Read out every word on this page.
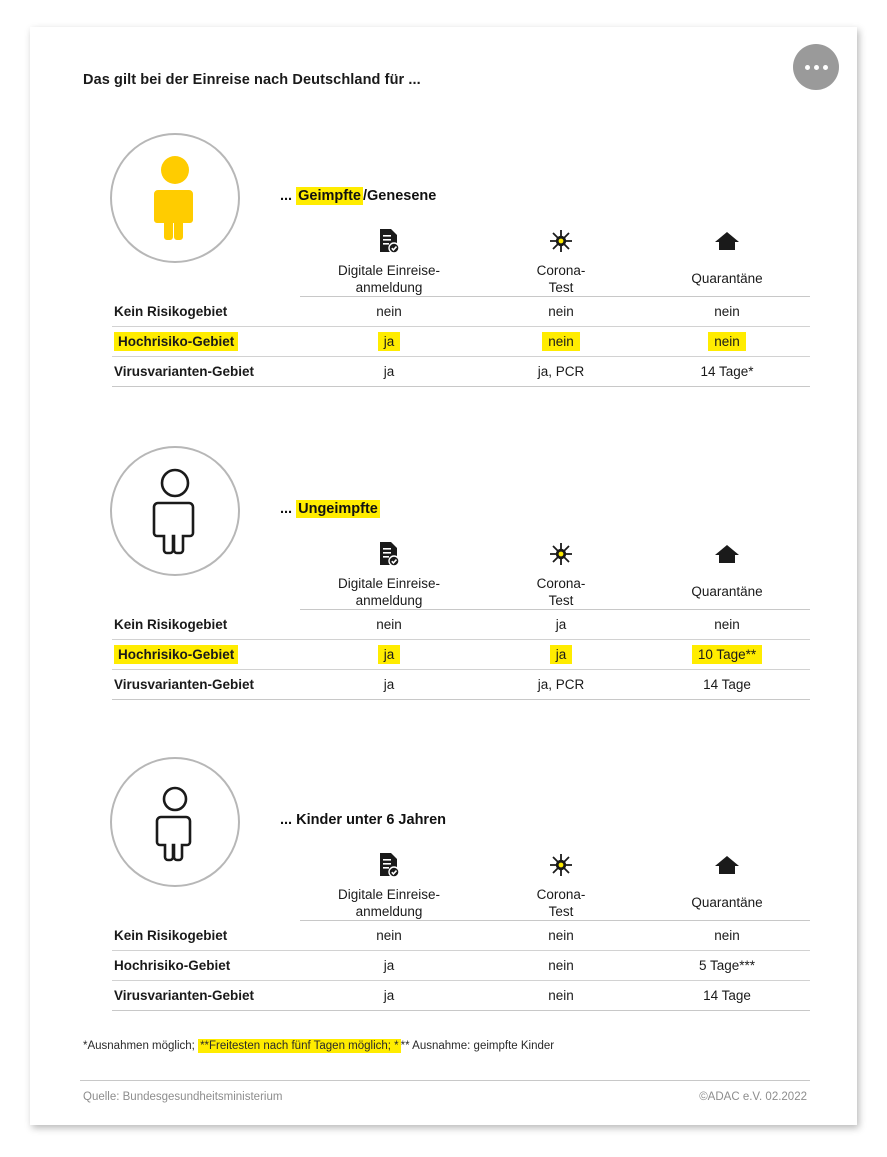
Das gilt bei der Einreise nach Deutschland für ...
... Geimpfte /Genesene

	Digitale Einreise-
anmeldung	Corona-
Test	Quarantäne
Kein Risikogebiet	nein	nein	nein
Hochrisiko-Gebiet	ja	nein	nein
Virusvarianten-Gebiet	ja	ja, PCR	14 Tage*
... Ungeimpfte

	Digitale Einreise-
anmeldung	Corona-
Test	Quarantäne
Kein Risikogebiet	nein	ja	nein
Hochrisiko-Gebiet	ja	ja	10 Tage**
Virusvarianten-Gebiet	ja	ja, PCR	14 Tage
... Kinder unter 6 Jahren

	Digitale Einreise-
anmeldung	Corona-
Test	Quarantäne
Kein Risikogebiet	nein	nein	nein
Hochrisiko-Gebiet	ja	nein	5 Tage***
Virusvarianten-Gebiet	ja	nein	14 Tage
*Ausnahmen möglich; **Freitesten nach fünf Tagen möglich; * ** Ausnahme: geimpfte Kinder
Quelle: Bundesgesundheitsministerium	©ADAC e.V. 02.2022
